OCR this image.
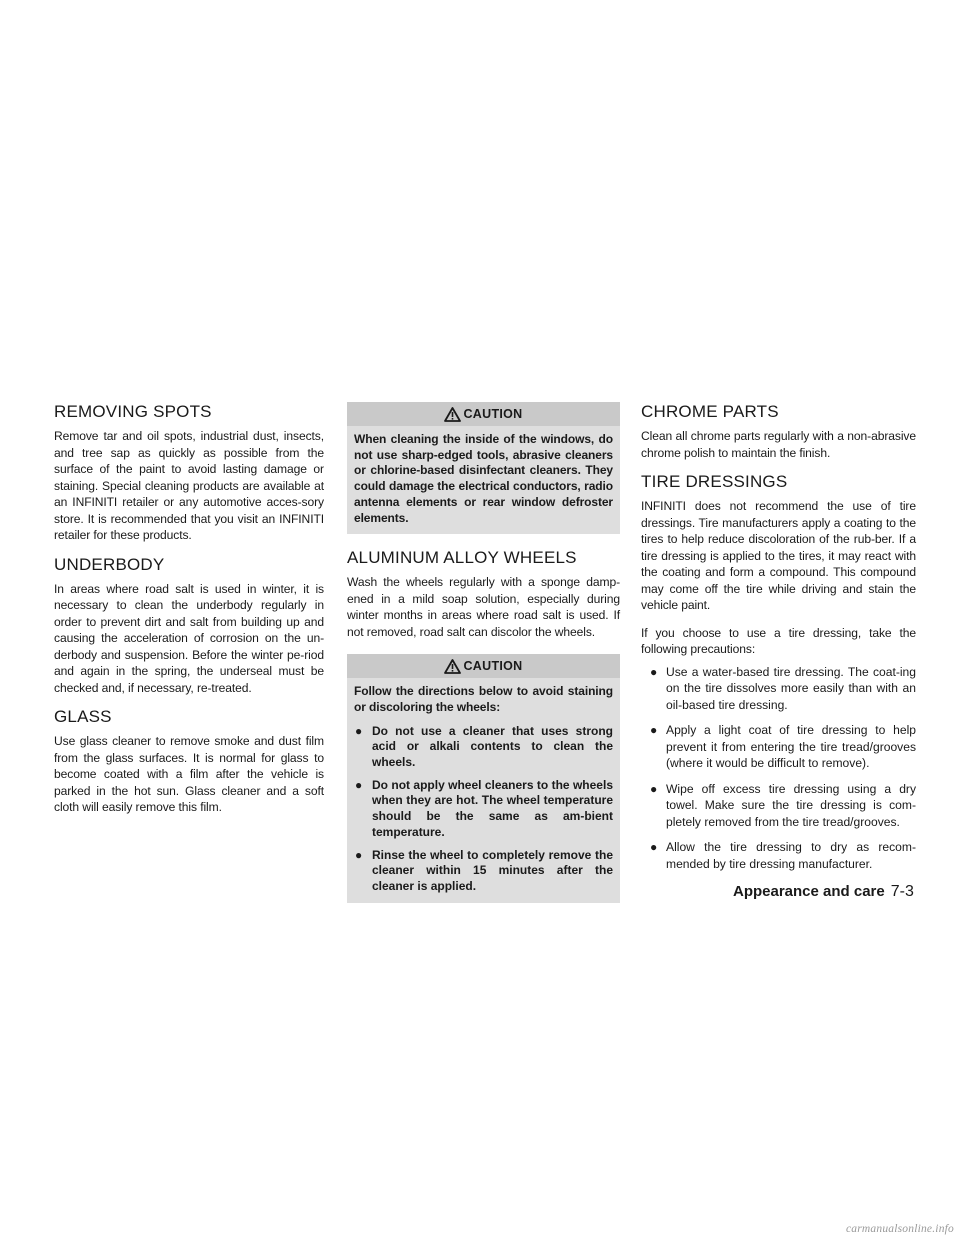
REMOVING SPOTS

Remove tar and oil spots, industrial dust, insects, and tree sap as quickly as possible from the surface of the paint to avoid lasting damage or staining. Special cleaning products are available at an INFINITI retailer or any automotive acces-sory store. It is recommended that you visit an INFINITI retailer for these products.

UNDERBODY

In areas where road salt is used in winter, it is necessary to clean the underbody regularly in order to prevent dirt and salt from building up and causing the acceleration of corrosion on the un-derbody and suspension. Before the winter pe-riod and again in the spring, the underseal must be checked and, if necessary, re-treated.

GLASS

Use glass cleaner to remove smoke and dust film from the glass surfaces. It is normal for glass to become coated with a film after the vehicle is parked in the hot sun. Glass cleaner and a soft cloth will easily remove this film.

CAUTION

When cleaning the inside of the windows, do not use sharp-edged tools, abrasive cleaners or chlorine-based disinfectant cleaners. They could damage the electrical conductors, radio antenna elements or rear window defroster elements.

ALUMINUM ALLOY WHEELS

Wash the wheels regularly with a sponge damp-ened in a mild soap solution, especially during winter months in areas where road salt is used. If not removed, road salt can discolor the wheels.

CAUTION

Follow the directions below to avoid staining or discoloring the wheels:

● Do not use a cleaner that uses strong acid or alkali contents to clean the wheels.
● Do not apply wheel cleaners to the wheels when they are hot. The wheel temperature should be the same as am-bient temperature.
● Rinse the wheel to completely remove the cleaner within 15 minutes after the cleaner is applied.
CHROME PARTS

Clean all chrome parts regularly with a non-abrasive chrome polish to maintain the finish.

TIRE DRESSINGS

INFINITI does not recommend the use of tire dressings. Tire manufacturers apply a coating to the tires to help reduce discoloration of the rub-ber. If a tire dressing is applied to the tires, it may react with the coating and form a compound. This compound may come off the tire while driving and stain the vehicle paint.

If you choose to use a tire dressing, take the following precautions:

● Use a water-based tire dressing. The coat-ing on the tire dissolves more easily than with an oil-based tire dressing.
● Apply a light coat of tire dressing to help prevent it from entering the tire tread/grooves (where it would be difficult to remove).
● Wipe off excess tire dressing using a dry towel. Make sure the tire dressing is com-pletely removed from the tire tread/grooves.
● Allow the tire dressing to dry as recom-mended by tire dressing manufacturer.
Appearance and care 7-3
carmanualsonline.info
